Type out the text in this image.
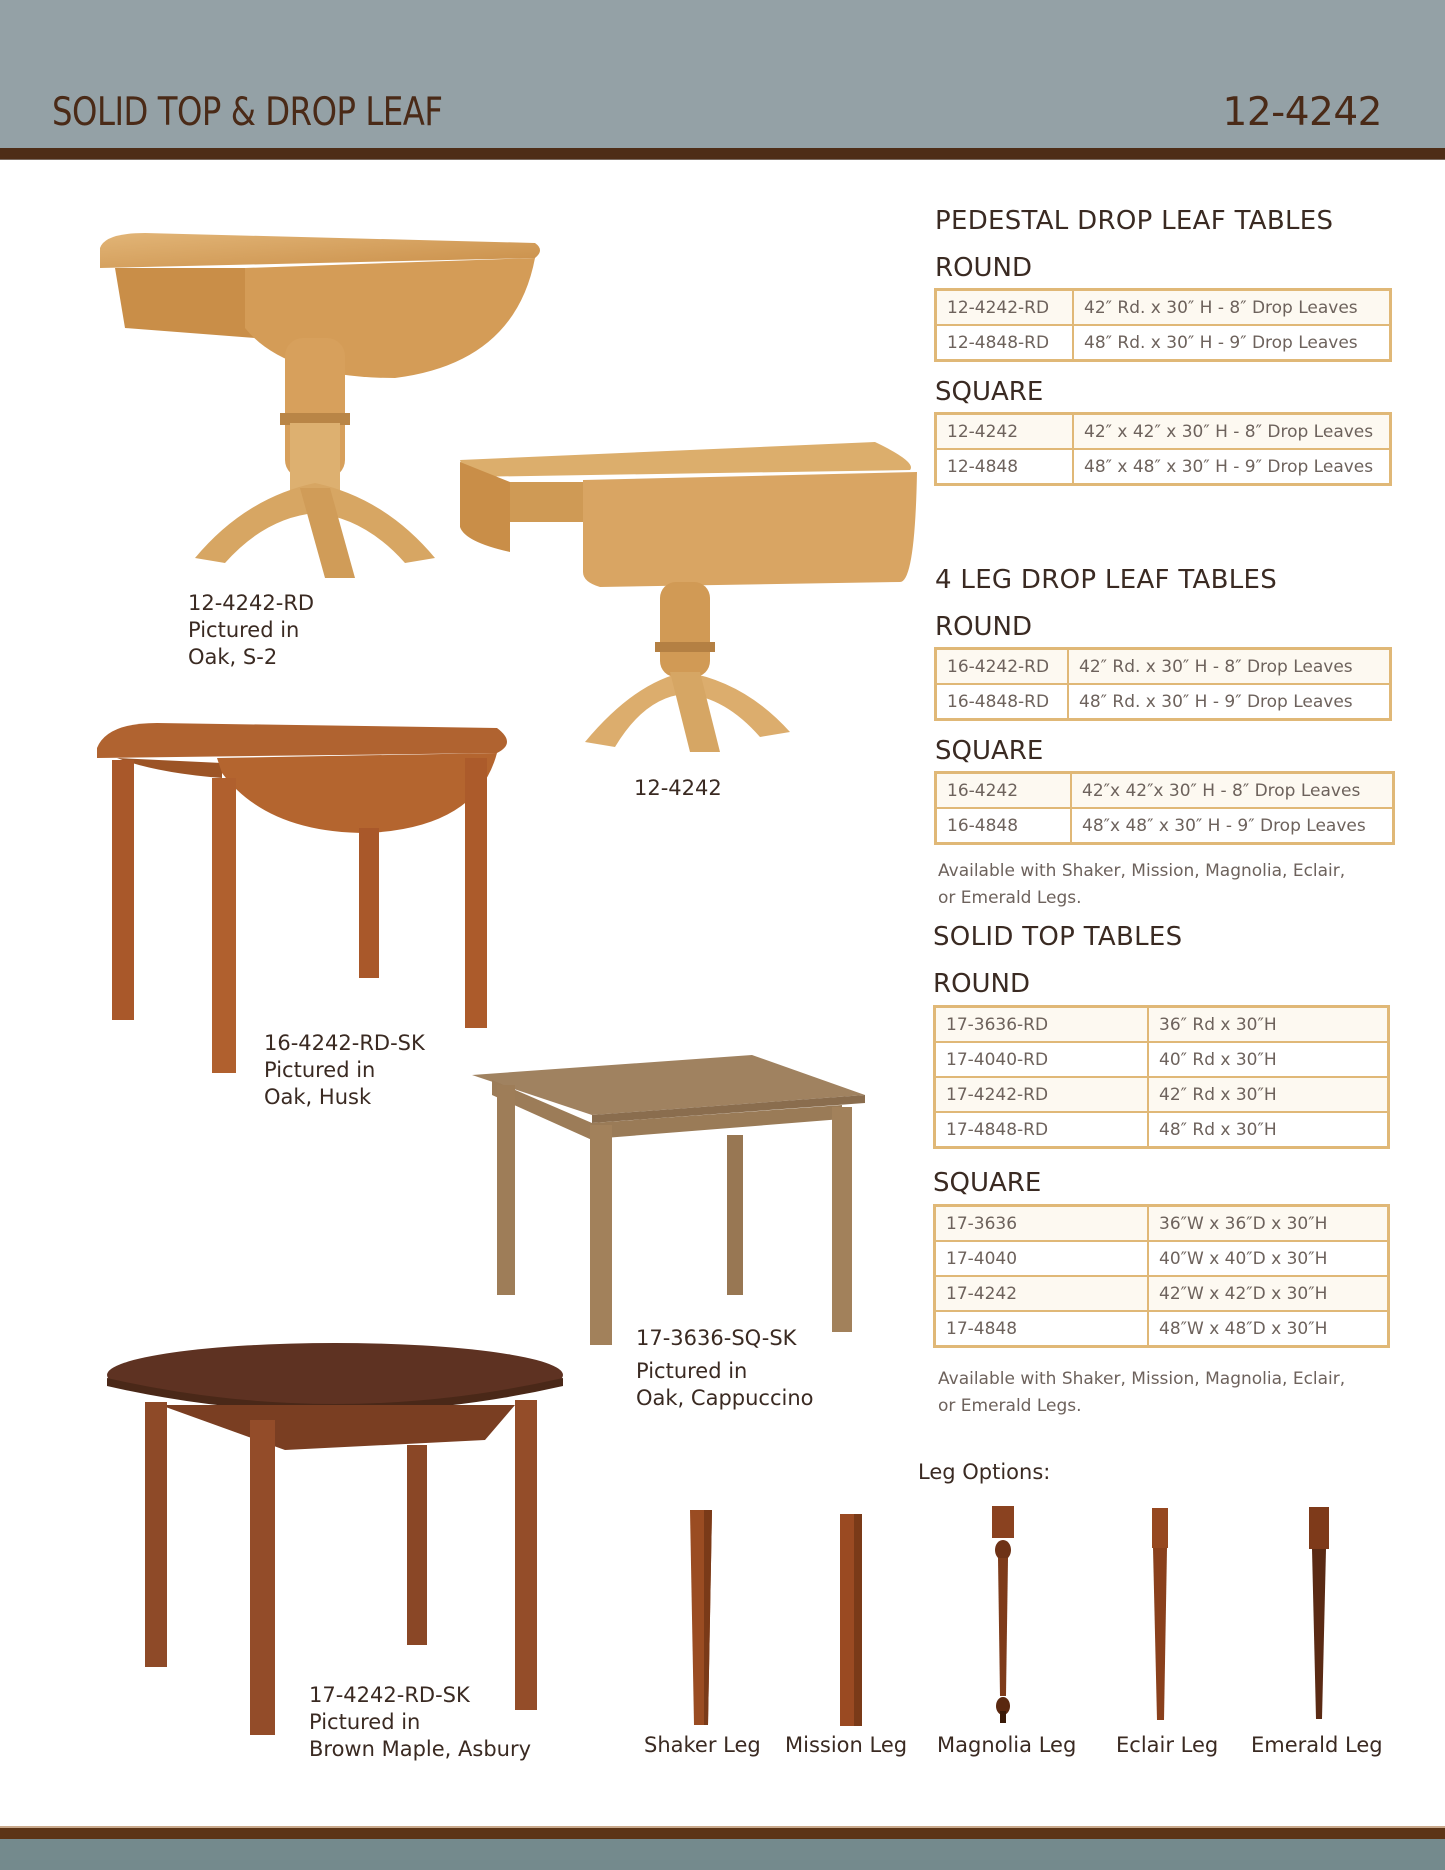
SOLID TOP & DROP LEAF	12-4242
12-4242-RD
Pictured in
Oak, S-2
12-4242
16-4242-RD-SK
Pictured in
Oak, Husk
17-3636-SQ-SK
Pictured in
Oak, Cappuccino
17-4242-RD-SK
Pictured in
Brown Maple, Asbury
PEDESTAL DROP LEAF TABLES
ROUND
12-4242-RD	42″ Rd. x 30″ H - 8″ Drop Leaves
12-4848-RD	48″ Rd. x 30″ H - 9″ Drop Leaves
SQUARE
12-4242	42″ x 42″ x 30″ H - 8″ Drop Leaves
12-4848	48″ x 48″ x 30″ H - 9″ Drop Leaves
4 LEG DROP LEAF TABLES
ROUND
16-4242-RD	42″ Rd. x 30″ H - 8″ Drop Leaves
16-4848-RD	48″ Rd. x 30″ H - 9″ Drop Leaves
SQUARE
16-4242	42″x 42″x 30″ H - 8″ Drop Leaves
16-4848	48″x 48″ x 30″ H - 9″ Drop Leaves
Available with Shaker, Mission, Magnolia, Eclair,
or Emerald Legs.
SOLID TOP TABLES
ROUND
17-3636-RD	36″ Rd x 30″H
17-4040-RD	40″ Rd x 30″H
17-4242-RD	42″ Rd x 30″H
17-4848-RD	48″ Rd x 30″H
SQUARE
17-3636	36″W x 36″D x 30″H
17-4040	40″W x 40″D x 30″H
17-4242	42″W x 42″D x 30″H
17-4848	48″W x 48″D x 30″H
Available with Shaker, Mission, Magnolia, Eclair,
or Emerald Legs.
Leg Options:
Shaker Leg Mission Leg Magnolia Leg Eclair Leg Emerald Leg
